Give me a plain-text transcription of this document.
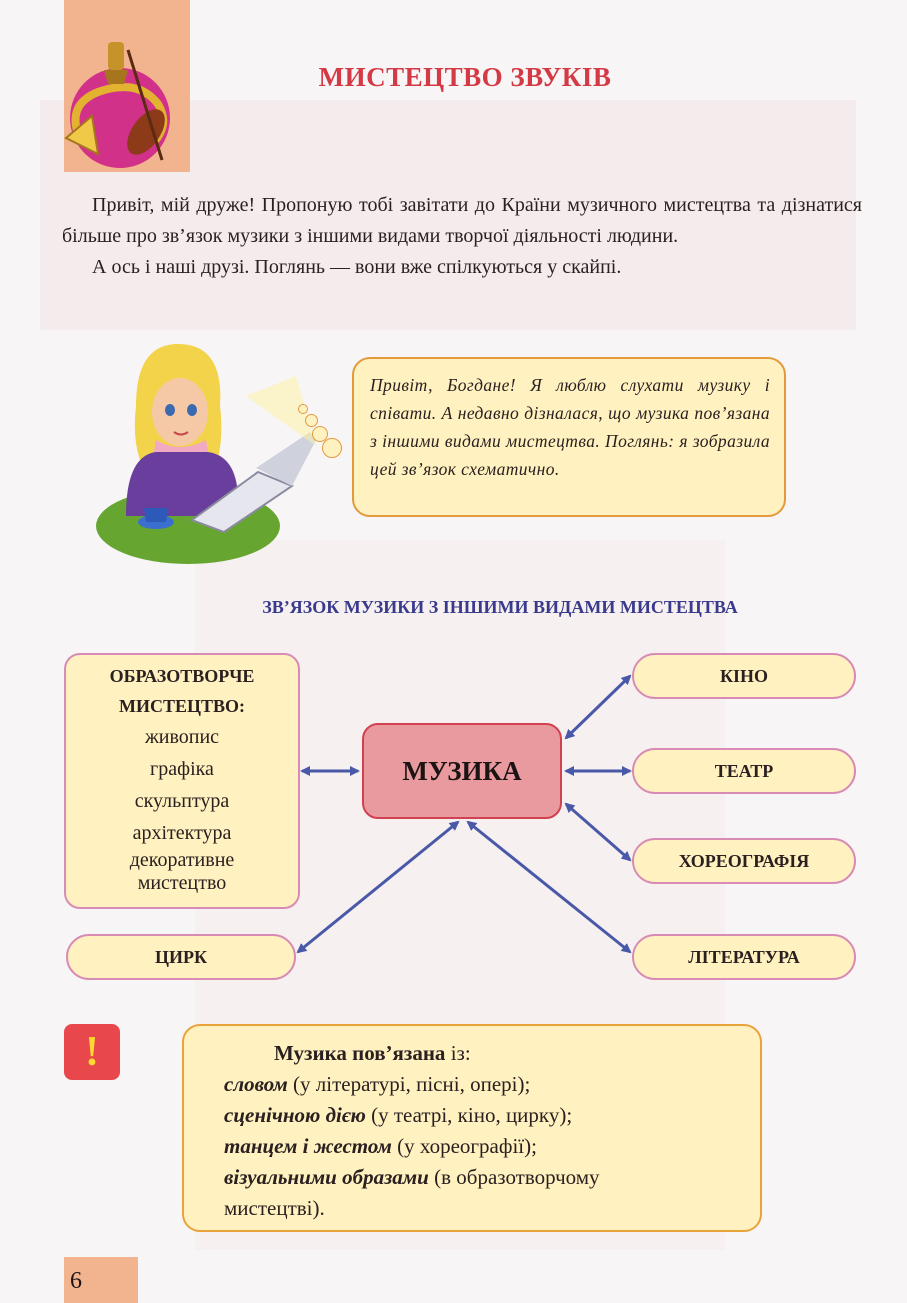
МИСТЕЦТВО ЗВУКІВ

Привіт, мій друже! Пропоную тобі завітати до Країни музичного мистецтва та дізнатися більше про зв’язок музики з іншими видами творчої діяльності людини.

А ось і наші друзі. Поглянь — вони вже спілкуються у скайпі.

Привіт, Богдане! Я люблю слухати музику і співати. А недавно дізналася, що музика пов’язана з іншими видами мистецтва. Поглянь: я зобразила цей зв’язок схематично.

ЗВ’ЯЗОК МУЗИКИ З ІНШИМИ ВИДАМИ МИСТЕЦТВА
ОБРАЗОТВОРЧЕ
МИСТЕЦТВО:
живопис
графіка
скульптура
архітектура
декоративне
мистецтво
МУЗИКА
КІНО
ТЕАТР
ХОРЕОГРАФІЯ
ЛІТЕРАТУРА
ЦИРК
!	Музика пов’язана із:

словом (у літературі, пісні, опері);

сценічною дією (у театрі, кіно, цирку);

танцем і жестом (у хореографії);

візуальними образами (в образотворчому

мистецтві).

6
